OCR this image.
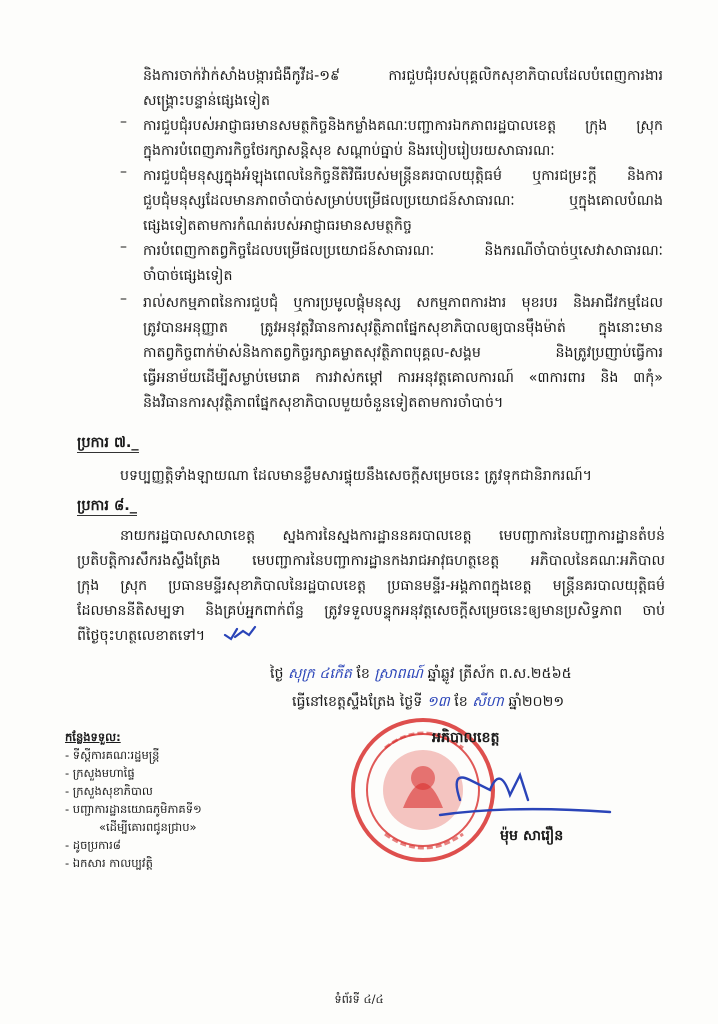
និងការចាក់វ៉ាក់សាំងបង្ការជំងឺកូវីដ-១៩ ការជួបជុំរបស់បុគ្គលិកសុខាភិបាលដែលបំពេញការងារ
សង្គ្រោះបន្ទាន់ផ្សេងទៀត
– ការជួបជុំរបស់អាជ្ញាធរមានសមត្ថកិច្ចនិងកម្លាំងគណៈបញ្ជាការឯកភាពរដ្ឋបាលខេត្ត ក្រុង ស្រុក
ក្នុងការបំពេញភារកិច្ចថែរក្សាសន្តិសុខ សណ្តាប់ធ្នាប់ និងរបៀបរៀបរយសាធារណៈ
– ការជួបជុំមនុស្សក្នុងអំឡុងពេលនៃកិច្ចនីតិវិធីរបស់មន្ត្រីនគរបាលយុត្តិធម៌ ឬការជម្រះក្តី និងការ
ជួបជុំមនុស្សដែលមានភាពចាំបាច់សម្រាប់បម្រើផលប្រយោជន៍សាធារណៈ ឬក្នុងគោលបំណង
ផ្សេងទៀតតាមការកំណត់របស់អាជ្ញាធរមានសមត្ថកិច្ច
– ការបំពេញកាតព្វកិច្ចដែលបម្រើផលប្រយោជន៍សាធារណៈ និងករណីចាំបាច់ឬសេវាសាធារណៈ
ចាំបាច់ផ្សេងទៀត
– រាល់សកម្មភាពនៃការជួបជុំ ឬការប្រមូលផ្តុំមនុស្ស សកម្មភាពការងារ មុខរបរ និងអាជីវកម្មដែល
ត្រូវបានអនុញ្ញាត ត្រូវអនុវត្តវិធានការសុវត្ថិភាពផ្នែកសុខាភិបាលឲ្យបានម៉ឹងម៉ាត់ ក្នុងនោះមាន
កាតព្វកិច្ចពាក់ម៉ាស់និងកាតព្វកិច្ចរក្សាគម្លាតសុវត្ថិភាពបុគ្គល-សង្គម និងត្រូវប្រញាប់ធ្វើការ
ធ្វើអនាម័យដើម្បីសម្លាប់មេរោគ ការវាស់កម្តៅ ការអនុវត្តគោលការណ៍ «៣ការពារ និង ៣កុំ»
និងវិធានការសុវត្ថិភាពផ្នែកសុខាភិបាលមួយចំនួនទៀតតាមការចាំបាច់។
ប្រការ ៧._
បទប្បញ្ញត្តិទាំងឡាយណា ដែលមានខ្លឹមសារផ្ទុយនឹងសេចក្តីសម្រេចនេះ ត្រូវទុកជានិរាករណ៍។
ប្រការ ៨._
នាយករដ្ឋបាលសាលាខេត្ត ស្នងការនៃស្នងការដ្ឋាននគរបាលខេត្ត មេបញ្ជាការនៃបញ្ជាការដ្ឋានតំបន់
ប្រតិបត្តិការសឹករងស្ទឹងត្រែង មេបញ្ជាការនៃបញ្ជាការដ្ឋានកងរាជអាវុធហត្ថខេត្ត អភិបាលនៃគណៈអភិបាល
ក្រុង ស្រុក ប្រធានមន្ទីរសុខាភិបាលនៃរដ្ឋបាលខេត្ត ប្រធានមន្ទីរ-អង្គភាពក្នុងខេត្ត មន្ត្រីនគរបាលយុត្តិធម៌
ដែលមាននីតិសម្បទា និងគ្រប់អ្នកពាក់ព័ន្ធ ត្រូវទទួលបន្ទុកអនុវត្តសេចក្តីសម្រេចនេះឲ្យមានប្រសិទ្ធភាព ចាប់
ពីថ្ងៃចុះហត្ថលេខាតទៅ។
ថ្ងៃ សុក្រ ៤កើត ខែ ស្រាពណ៍ ឆ្នាំឆ្លូវ ត្រីស័ក ព.ស.២៥៦៥
ធ្វើនៅខេត្តស្ទឹងត្រែង ថ្ងៃទី ១៣ ខែ សីហា ឆ្នាំ២០២១
អភិបាលខេត្ត
ម៉ុម សារឿន
កន្លែងទទួល:
- ទីស្តីការគណៈរដ្ឋមន្ត្រី
- ក្រសួងមហាផ្ទៃ
- ក្រសួងសុខាភិបាល
- បញ្ជាការដ្ឋានយោធភូមិភាគទី១
«ដើម្បីគោរពជូនជ្រាប»
- ដូចប្រការ៨
- ឯកសារ កាលប្បវត្តិ
ទំព័រទី ៤/៤
